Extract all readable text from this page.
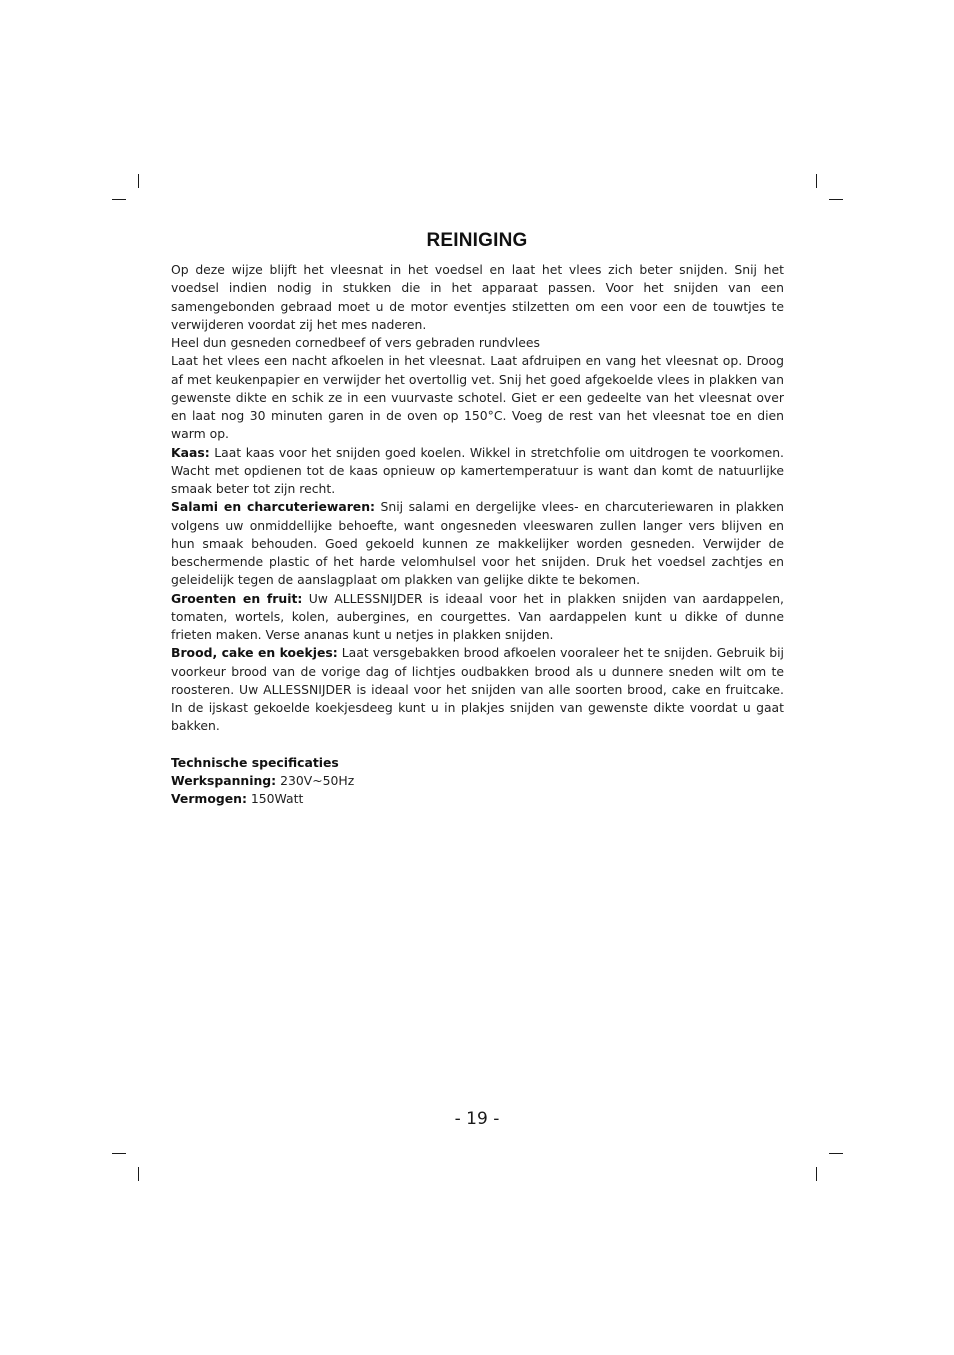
REINIGING

Op deze wijze blijft het vleesnat in het voedsel en laat het vlees zich beter snijden. Snij het voedsel indien nodig in stukken die in het apparaat passen. Voor het snijden van een samengebonden gebraad moet u de motor eventjes stilzetten om een voor een de touwtjes te verwijderen voordat zij het mes naderen.

Heel dun gesneden cornedbeef of vers gebraden rundvlees

Laat het vlees een nacht afkoelen in het vleesnat. Laat afdruipen en vang het vleesnat op. Droog af met keukenpapier en verwijder het overtollig vet. Snij het goed afgekoelde vlees in plakken van gewenste dikte en schik ze in een vuurvaste schotel. Giet er een gedeelte van het vleesnat over en laat nog 30 minuten garen in de oven op 150°C. Voeg de rest van het vleesnat toe en dien warm op.

Kaas: Laat kaas voor het snijden goed koelen. Wikkel in stretchfolie om uitdrogen te voorkomen. Wacht met opdienen tot de kaas opnieuw op kamertemperatuur is want dan komt de natuurlijke smaak beter tot zijn recht.

Salami en charcuteriewaren: Snij salami en dergelijke vlees- en charcuteriewaren in plakken volgens uw onmiddellijke behoefte, want ongesneden vleeswaren zullen langer vers blijven en hun smaak behouden. Goed gekoeld kunnen ze makkelijker worden gesneden. Verwijder de beschermende plastic of het harde velomhulsel voor het snijden. Druk het voedsel zachtjes en geleidelijk tegen de aanslagplaat om plakken van gelijke dikte te bekomen.

Groenten en fruit: Uw ALLESSNIJDER is ideaal voor het in plakken snijden van aardappelen, tomaten, wortels, kolen, aubergines, en courgettes. Van aardappelen kunt u dikke of dunne frieten maken. Verse ananas kunt u netjes in plakken snijden.

Brood, cake en koekjes: Laat versgebakken brood afkoelen vooraleer het te snijden. Gebruik bij voorkeur brood van de vorige dag of lichtjes oudbakken brood als u dunnere sneden wilt om te roosteren. Uw ALLESSNIJDER is ideaal voor het snijden van alle soorten brood, cake en fruitcake. In de ijskast gekoelde koekjesdeeg kunt u in plakjes snijden van gewenste dikte voordat u gaat bakken.

Technische specificaties

Werkspanning: 230V~50Hz

Vermogen: 150Watt

- 19 -
